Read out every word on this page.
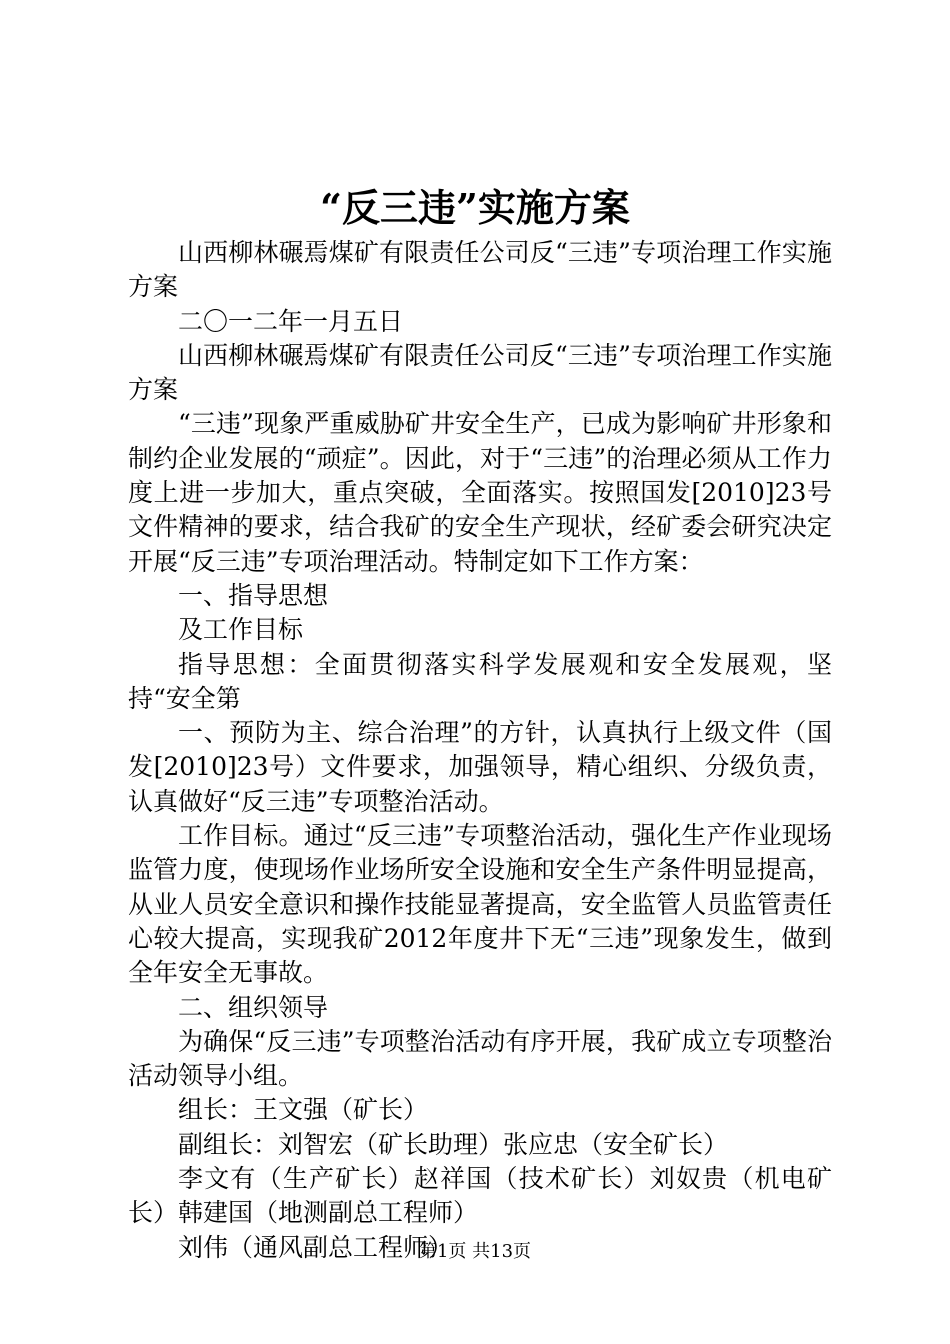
“反三违”实施方案

山西柳林碾焉煤矿有限责任公司反“三违”专项治理工作实施方案

二〇一二年一月五日

山西柳林碾焉煤矿有限责任公司反“三违”专项治理工作实施方案

“三违”现象严重威胁矿井安全生产，已成为影响矿井形象和制约企业发展的“顽症”。因此，对于“三违”的治理必须从工作力度上进一步加大，重点突破，全面落实。按照国发[2010]23号文件精神的要求，结合我矿的安全生产现状，经矿委会研究决定开展“反三违”专项治理活动。特制定如下工作方案：

一、指导思想

及工作目标

指导思想：全面贯彻落实科学发展观和安全发展观，坚持“安全第

一、预防为主、综合治理”的方针，认真执行上级文件（国发[2010]23号）文件要求，加强领导，精心组织、分级负责，认真做好“反三违”专项整治活动。

工作目标。通过“反三违”专项整治活动，强化生产作业现场监管力度，使现场作业场所安全设施和安全生产条件明显提高，从业人员安全意识和操作技能显著提高，安全监管人员监管责任心较大提高，实现我矿2012年度井下无“三违”现象发生，做到全年安全无事故。

二、组织领导

为确保“反三违”专项整治活动有序开展，我矿成立专项整治活动领导小组。

组长：王文强（矿长）

副组长：刘智宏（矿长助理）张应忠（安全矿长）

李文有（生产矿长）赵祥国（技术矿长）刘奴贵（机电矿长）韩建国（地测副总工程师）

刘伟（通风副总工程师）

第1页 共13页
